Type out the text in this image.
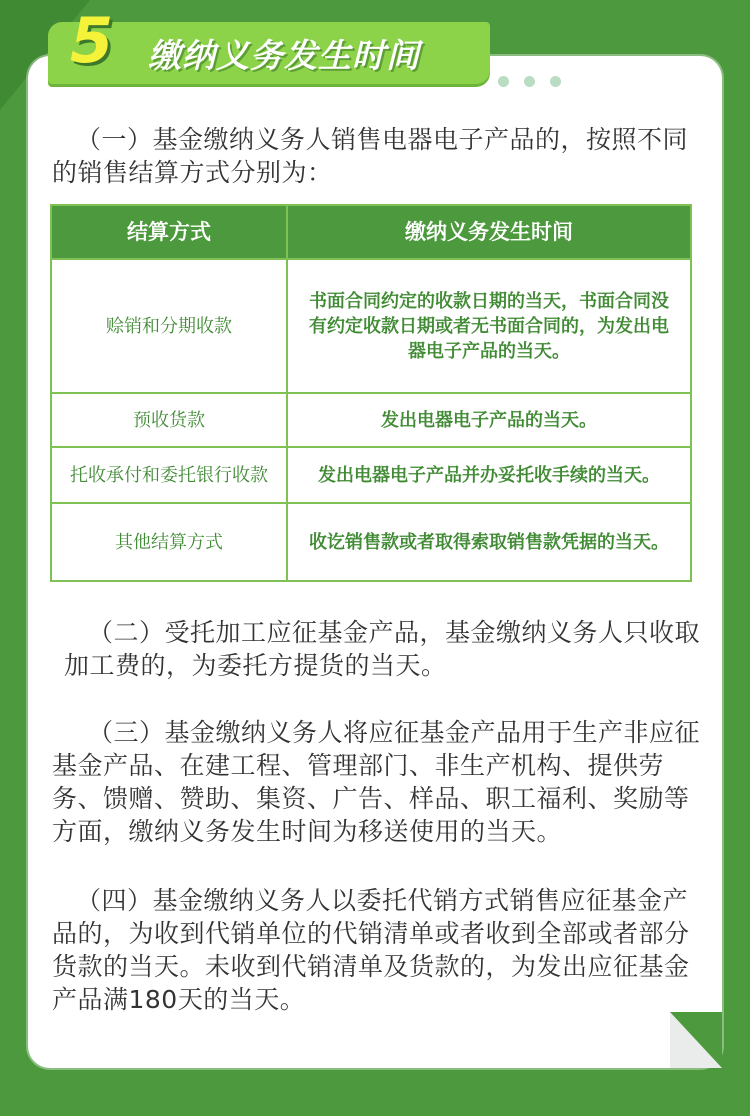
5 缴纳义务发生时间
（一）基金缴纳义务人销售电器电子产品的，按照不同的销售结算方式分别为：
结算方式	缴纳义务发生时间
赊销和分期收款	书面合同约定的收款日期的当天，书面合同没有约定收款日期或者无书面合同的，为发出电器电子产品的当天。
预收货款	发出电器电子产品的当天。
托收承付和委托银行收款	发出电器电子产品并办妥托收手续的当天。
其他结算方式	收讫销售款或者取得索取销售款凭据的当天。
（二）受托加工应征基金产品，基金缴纳义务人只收取加工费的，为委托方提货的当天。
（三）基金缴纳义务人将应征基金产品用于生产非应征基金产品、在建工程、管理部门、非生产机构、提供劳务、馈赠、赞助、集资、广告、样品、职工福利、奖励等方面，缴纳义务发生时间为移送使用的当天。
（四）基金缴纳义务人以委托代销方式销售应征基金产品的，为收到代销单位的代销清单或者收到全部或者部分货款的当天。未收到代销清单及货款的，为发出应征基金产品满180天的当天。
